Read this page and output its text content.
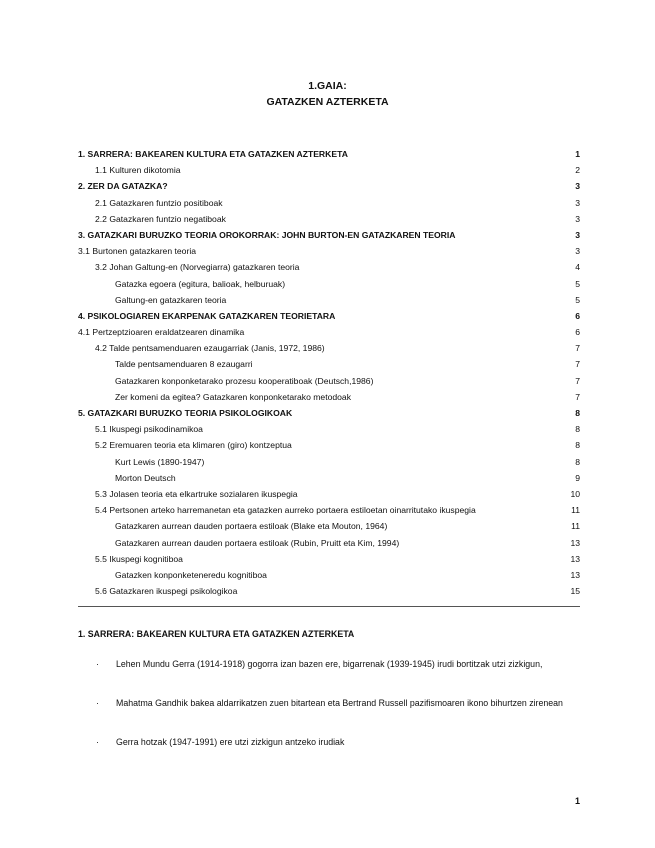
1.GAIA:
GATAZKEN AZTERKETA
1. SARRERA: BAKEAREN KULTURA ETA GATAZKEN AZTERKETA	1
1.1 Kulturen dikotomia	2
2. ZER DA GATAZKA?	3
2.1 Gatazkaren funtzio positiboak	3
2.2 Gatazkaren funtzio negatiboak	3
3. GATAZKARI BURUZKO TEORIA OROKORRAK: JOHN BURTON-EN GATAZKAREN TEORIA	3
3.1 Burtonen gatazkaren teoria	3
3.2 Johan Galtung-en (Norvegiarra) gatazkaren teoria	4
Gatazka egoera (egitura, balioak, helburuak)	5
Galtung-en gatazkaren teoria	5
4. PSIKOLOGIAREN EKARPENAK GATAZKAREN TEORIETARA	6
4.1 Pertzeptzioaren eraldatzearen dinamika	6
4.2 Talde pentsamenduaren ezaugarriak (Janis, 1972, 1986)	7
Talde pentsamenduaren 8 ezaugarri	7
Gatazkaren konponketarako prozesu kooperatiboak (Deutsch,1986)	7
Zer komeni da egitea? Gatazkaren konponketarako metodoak	7
5. GATAZKARI BURUZKO TEORIA PSIKOLOGIKOAK	8
5.1 Ikuspegi psikodinamikoa	8
5.2 Eremuaren teoria eta klimaren (giro) kontzeptua	8
Kurt Lewis (1890-1947)	8
Morton Deutsch	9
5.3 Jolasen teoria eta elkartruke sozialaren ikuspegia	10
5.4 Pertsonen arteko harremanetan eta gatazken aurreko portaera estiloetan oinarritutako ikuspegia	11
Gatazkaren aurrean dauden portaera estiloak (Blake eta Mouton, 1964)	11
Gatazkaren aurrean dauden portaera estiloak (Rubin, Pruitt eta Kim, 1994)	13
5.5 Ikuspegi kognitiboa	13
Gatazken konponketeneredu kognitiboa	13
5.6 Gatazkaren ikuspegi psikologikoa	15
1. SARRERA: BAKEAREN KULTURA ETA GATAZKEN AZTERKETA
· Lehen Mundu Gerra (1914-1918) gogorra izan bazen ere, bigarrenak (1939-1945) irudi bortitzak utzi zizkigun,
· Mahatma Gandhik bakea aldarrikatzen zuen bitartean eta Bertrand Russell pazifismoaren ikono bihurtzen zirenean
· Gerra hotzak (1947-1991) ere utzi zizkigun antzeko irudiak
1
